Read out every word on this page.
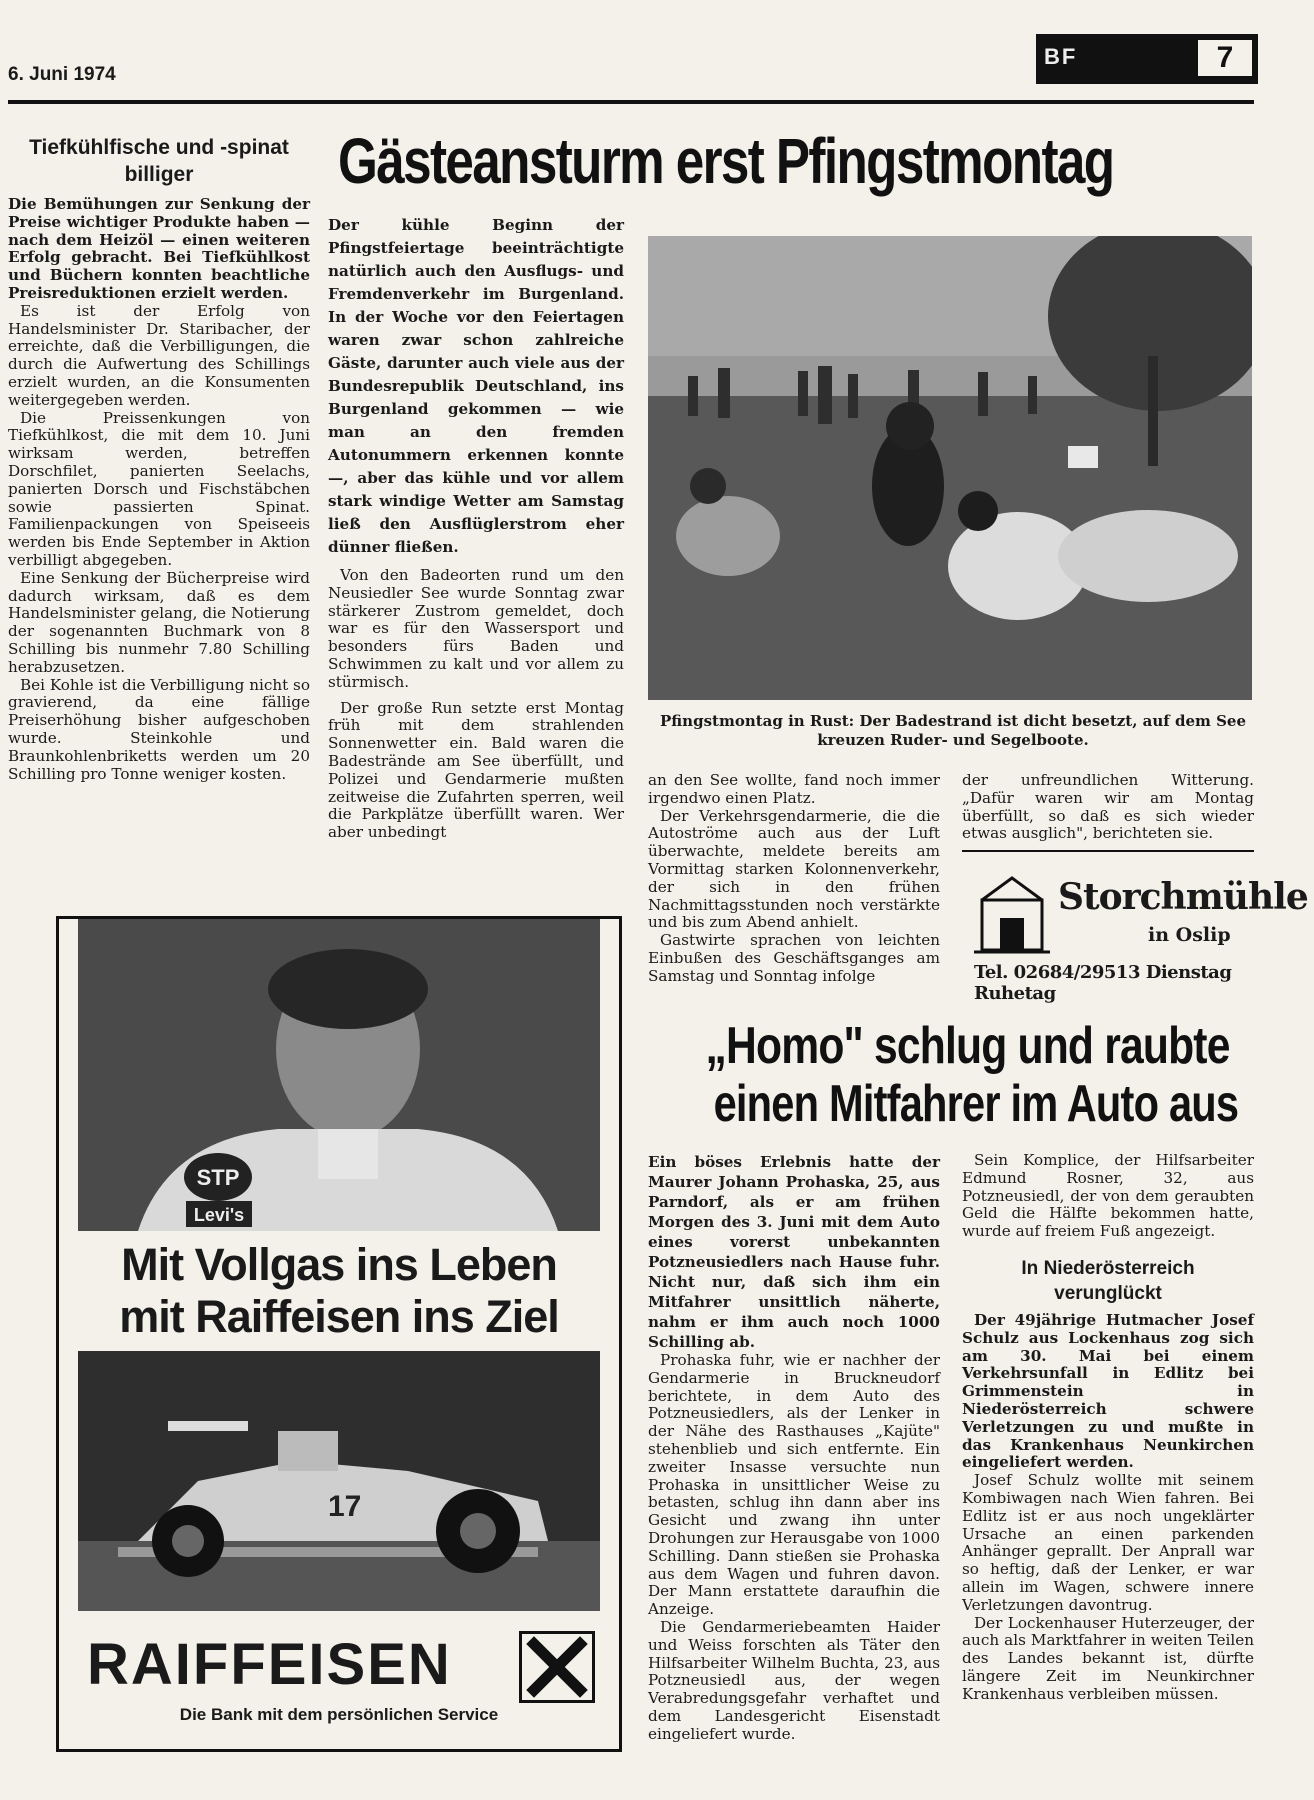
6. Juni 1974
BF	7
Tiefkühlfische und -spinat billiger

Die Bemühungen zur Senkung der Preise wichtiger Produkte haben — nach dem Heizöl — einen weiteren Erfolg gebracht. Bei Tiefkühlkost und Büchern konnten beachtliche Preisreduktionen erzielt werden.

Es ist der Erfolg von Handelsminister Dr. Staribacher, der erreichte, daß die Verbilligungen, die durch die Aufwertung des Schillings erzielt wurden, an die Konsumenten weitergegeben werden.

Die Preissenkungen von Tiefkühlkost, die mit dem 10. Juni wirksam werden, betreffen Dorschfilet, panierten Seelachs, panierten Dorsch und Fischstäbchen sowie passierten Spinat. Familienpackungen von Speiseeis werden bis Ende September in Aktion verbilligt abgegeben.

Eine Senkung der Bücherpreise wird dadurch wirksam, daß es dem Handelsminister gelang, die Notierung der sogenannten Buchmark von 8 Schilling bis nunmehr 7.80 Schilling herabzusetzen.

Bei Kohle ist die Verbilligung nicht so gravierend, da eine fällige Preiserhöhung bisher aufgeschoben wurde. Steinkohle und Braunkohlenbriketts werden um 20 Schilling pro Tonne weniger kosten.

Gästeansturm erst Pfingstmontag

Der kühle Beginn der Pfingstfeiertage beeinträchtigte natürlich auch den Ausflugs- und Fremdenverkehr im Burgenland. In der Woche vor den Feiertagen waren zwar schon zahlreiche Gäste, darunter auch viele aus der Bundesrepublik Deutschland, ins Burgenland gekommen — wie man an den fremden Autonummern erkennen konnte —, aber das kühle und vor allem stark windige Wetter am Samstag ließ den Ausflüglerstrom eher dünner fließen.

Von den Badeorten rund um den Neusiedler See wurde Sonntag zwar stärkerer Zustrom gemeldet, doch war es für den Wassersport und besonders fürs Baden und Schwimmen zu kalt und vor allem zu stürmisch.

Der große Run setzte erst Montag früh mit dem strahlenden Sonnenwetter ein. Bald waren die Badestrände am See überfüllt, und Polizei und Gendarmerie mußten zeitweise die Zufahrten sperren, weil die Parkplätze überfüllt waren. Wer aber unbedingt

Pfingstmontag in Rust: Der Badestrand ist dicht besetzt, auf dem See kreuzen Ruder- und Segelboote.

an den See wollte, fand noch immer irgendwo einen Platz.

Der Verkehrsgendarmerie, die die Autoströme auch aus der Luft überwachte, meldete bereits am Vormittag starken Kolonnenverkehr, der sich in den frühen Nachmittagsstunden noch verstärkte und bis zum Abend anhielt.

Gastwirte sprachen von leichten Einbußen des Geschäftsganges am Samstag und Sonntag infolge

der unfreundlichen Witterung. „Dafür waren wir am Montag überfüllt, so daß es sich wieder etwas ausglich", berichteten sie.

Storchmühle
in Oslip
Tel. 02684/29513 Dienstag Ruhetag
STP
Levi's
Mit Vollgas ins Leben
mit Raiffeisen ins Ziel
17
RAIFFEISEN
Die Bank mit dem persönlichen Service
„Homo" schlug und raubte einen Mitfahrer im Auto aus

Ein böses Erlebnis hatte der Maurer Johann Prohaska, 25, aus Parndorf, als er am frühen Morgen des 3. Juni mit dem Auto eines vorerst unbekannten Potzneusiedlers nach Hause fuhr. Nicht nur, daß sich ihm ein Mitfahrer unsittlich näherte, nahm er ihm auch noch 1000 Schilling ab.

Prohaska fuhr, wie er nachher der Gendarmerie in Bruckneudorf berichtete, in dem Auto des Potzneusiedlers, als der Lenker in der Nähe des Rasthauses „Kajüte" stehenblieb und sich entfernte. Ein zweiter Insasse versuchte nun Prohaska in unsittlicher Weise zu betasten, schlug ihn dann aber ins Gesicht und zwang ihn unter Drohungen zur Herausgabe von 1000 Schilling. Dann stießen sie Prohaska aus dem Wagen und fuhren davon. Der Mann erstattete daraufhin die Anzeige.

Die Gendarmeriebeamten Haider und Weiss forschten als Täter den Hilfsarbeiter Wilhelm Buchta, 23, aus Potzneusiedl aus, der wegen Verabredungsgefahr verhaftet und dem Landesgericht Eisenstadt eingeliefert wurde.

Sein Komplice, der Hilfsarbeiter Edmund Rosner, 32, aus Potzneusiedl, der von dem geraubten Geld die Hälfte bekommen hatte, wurde auf freiem Fuß angezeigt.

In Niederösterreich verunglückt

Der 49jährige Hutmacher Josef Schulz aus Lockenhaus zog sich am 30. Mai bei einem Verkehrsunfall in Edlitz bei Grimmenstein in Niederösterreich schwere Verletzungen zu und mußte in das Krankenhaus Neunkirchen eingeliefert werden.

Josef Schulz wollte mit seinem Kombiwagen nach Wien fahren. Bei Edlitz ist er aus noch ungeklärter Ursache an einen parkenden Anhänger geprallt. Der Anprall war so heftig, daß der Lenker, er war allein im Wagen, schwere innere Verletzungen davontrug.

Der Lockenhauser Huterzeuger, der auch als Marktfahrer in weiten Teilen des Landes bekannt ist, dürfte längere Zeit im Neunkirchner Krankenhaus verbleiben müssen.
